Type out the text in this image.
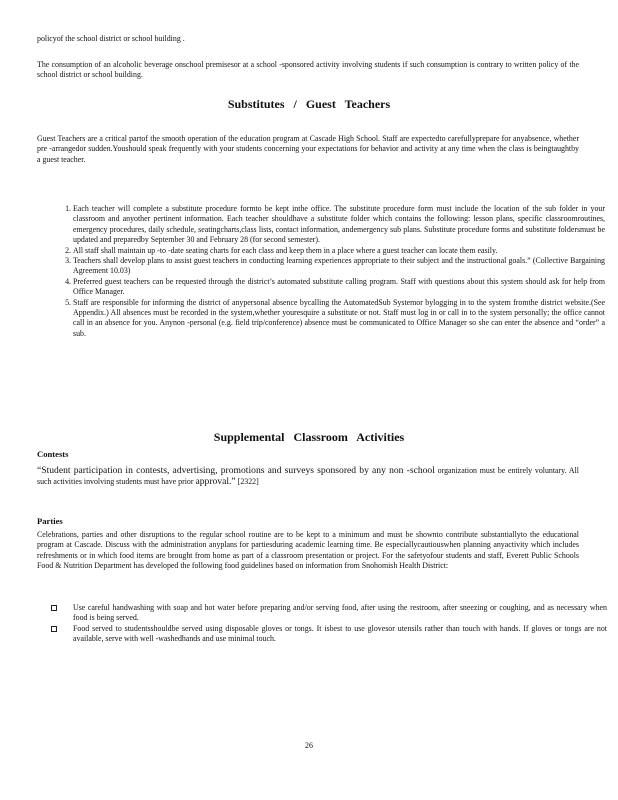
policyof the school district or school building .
The consumption of an alcoholic beverage onschool premisesor at a school -sponsored activity involving students if such consumption is contrary to written policy of the school district or school building.
Substitutes / Guest Teachers
Guest Teachers are a critical partof the smooth operation of the education program at Cascade High School. Staff are expectedto carefullyprepare for anyabsence, whether pre -arrangedor sudden.Youshould speak frequently with your students concerning your expectations for behavior and activity at any time when the class is beingtaughtby a guest teacher.
1. Each teacher will complete a substitute procedure formto be kept inthe office. The substitute procedure form must include the location of the sub folder in your classroom and anyother pertinent information. Each teacher shouldhave a substitute folder which contains the following: lesson plans, specific classroomroutines, emergency procedures, daily schedule, seatingcharts,class lists, contact information, andemergency sub plans. Substitute procedure forms and substitute foldersmust be updated and preparedby September 30 and February 28 (for second semester).
2. All staff shall maintain up -to -date seating charts for each class and keep them in a place where a guest teacher can locate them easily.
3. Teachers shall develop plans to assist guest teachers in conducting learning experiences appropriate to their subject and the instructional goals.” (Collective Bargaining Agreement 10.03)
4. Preferred guest teachers can be requested through the district’s automated substitute calling program. Staff with questions about this system should ask for help from Office Manager.
5. Staff are responsible for informing the district of anypersonal absence bycalling the AutomatedSub Systemor bylogging in to the system fromthe district website.(See Appendix.) All absences must be recorded in the system,whether youresquire a substitute or not. Staff must log in or call in to the system personally; the office cannot call in an absence for you. Anynon -personal (e.g. field trip/conference) absence must be communicated to Office Manager so she can enter the absence and “order” a sub.
Supplemental Classroom Activities
Contests
“Student participation in contests, advertising, promotions and surveys sponsored by any non -school organization must be entirely voluntary. All such activities involving students must have prior approval.” [2322]
Parties
Celebrations, parties and other disruptions to the regular school routine are to be kept to a minimum and must be shownto contribute substantiallyto the educational program at Cascade. Discuss with the administration anyplans for partiesduring academic learning time. Be especiallycautiouswhen planning anyactivity which includes refreshments or in which food items are brought from home as part of a classroom presentation or project. For the safetyofour students and staff, Everett Public Schools Food & Nutrition Department has developed the following food guidelines based on information from Snohomish Health District:
Use careful handwashing with soap and hot water before preparing and/or serving food, after using the restroom, after sneezing or coughing, and as necessary when food is being served.
Food served to studentsshouldbe served using disposable gloves or tongs. It isbest to use glovesor utensils rather than touch with hands. If gloves or tongs are not available, serve with well -washedhands and use minimal touch.
26
